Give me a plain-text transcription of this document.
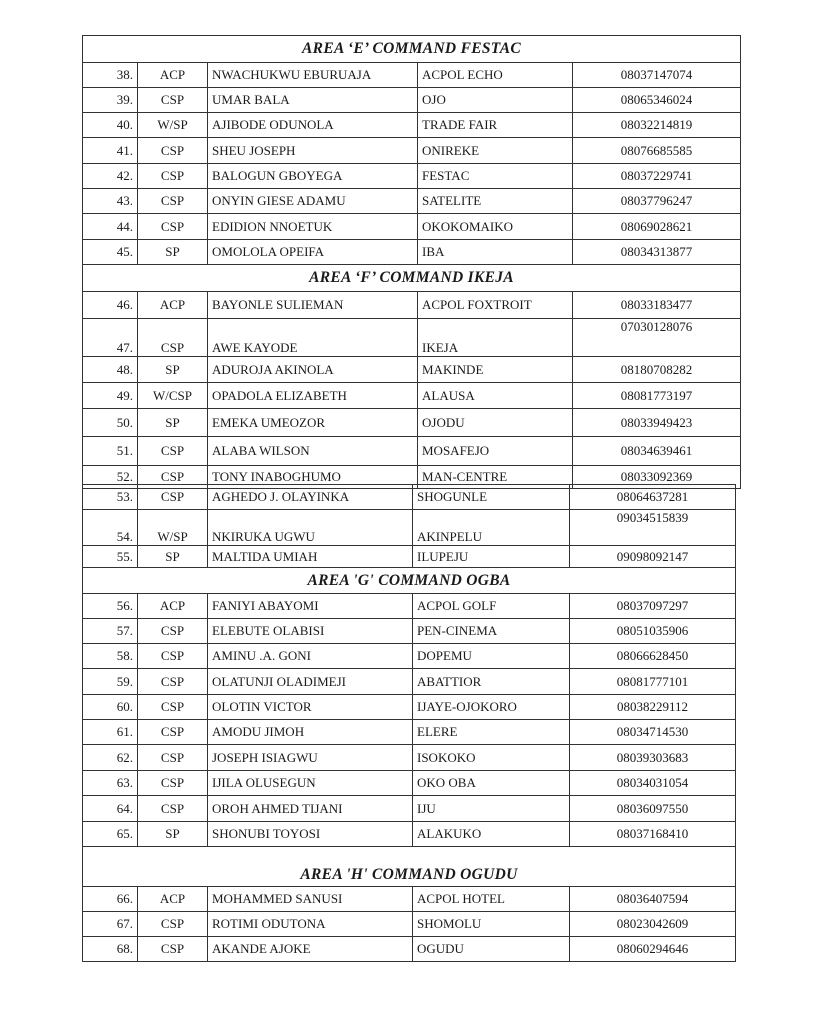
AREA ‘E’ COMMAND FESTAC				
38.	ACP	NWACHUKWU EBURUAJA	ACPOL ECHO	08037147074
39.	CSP	UMAR BALA	OJO	08065346024
40.	W/SP	AJIBODE ODUNOLA	TRADE FAIR	08032214819
41.	CSP	SHEU JOSEPH	ONIREKE	08076685585
42.	CSP	BALOGUN GBOYEGA	FESTAC	08037229741
43.	CSP	ONYIN GIESE ADAMU	SATELITE	08037796247
44.	CSP	EDIDION NNOETUK	OKOKOMAIKO	08069028621
45.	SP	OMOLOLA OPEIFA	IBA	08034313877
AREA ‘F’ COMMAND IKEJA				
46.	ACP	BAYONLE SULIEMAN	ACPOL FOXTROIT	08033183477
47.	CSP	AWE KAYODE	IKEJA	07030128076
48.	SP	ADUROJA AKINOLA	MAKINDE	08180708282
49.	W/CSP	OPADOLA ELIZABETH	ALAUSA	08081773197
50.	SP	EMEKA UMEOZOR	OJODU	08033949423
51.	CSP	ALABA WILSON	MOSAFEJO	08034639461
52.	CSP	TONY INABOGHUMO	MAN-CENTRE	08033092369
53.	CSP	AGHEDO J. OLAYINKA	SHOGUNLE	08064637281
54.	W/SP	NKIRUKA UGWU	AKINPELU	09034515839
55.	SP	MALTIDA UMIAH	ILUPEJU	09098092147
AREA 'G' COMMAND OGBA				
56.	ACP	FANIYI ABAYOMI	ACPOL GOLF	08037097297
57.	CSP	ELEBUTE OLABISI	PEN-CINEMA	08051035906
58.	CSP	AMINU .A. GONI	DOPEMU	08066628450
59.	CSP	OLATUNJI OLADIMEJI	ABATTIOR	08081777101
60.	CSP	OLOTIN VICTOR	IJAYE-OJOKORO	08038229112
61.	CSP	AMODU JIMOH	ELERE	08034714530
62.	CSP	JOSEPH ISIAGWU	ISOKOKO	08039303683
63.	CSP	IJILA OLUSEGUN	OKO OBA	08034031054
64.	CSP	OROH AHMED TIJANI	IJU	08036097550
65.	SP	SHONUBI TOYOSI	ALAKUKO	08037168410
AREA 'H' COMMAND OGUDU				
66.	ACP	MOHAMMED SANUSI	ACPOL HOTEL	08036407594
67.	CSP	ROTIMI ODUTONA	SHOMOLU	08023042609
68.	CSP	AKANDE AJOKE	OGUDU	08060294646
